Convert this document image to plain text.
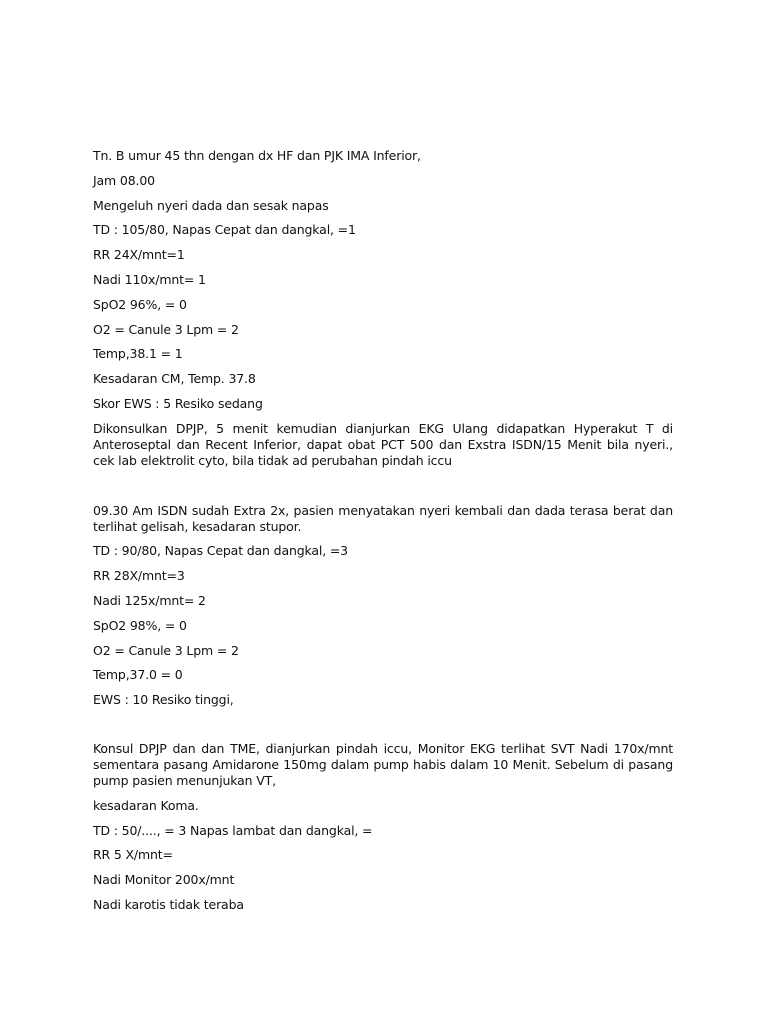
Tn. B umur 45 thn dengan dx HF dan PJK IMA Inferior,
Jam 08.00
Mengeluh nyeri dada dan sesak napas
TD : 105/80, Napas Cepat dan dangkal, =1
RR 24X/mnt=1
Nadi 110x/mnt= 1
SpO2 96%, = 0
O2 = Canule 3 Lpm = 2
Temp,38.1 = 1
Kesadaran CM, Temp. 37.8
Skor EWS : 5 Resiko sedang
Dikonsulkan DPJP, 5 menit kemudian dianjurkan EKG Ulang didapatkan Hyperakut T di Anteroseptal dan Recent Inferior, dapat obat PCT 500 dan Exstra ISDN/15 Menit bila nyeri., cek lab elektrolit cyto, bila tidak ad perubahan pindah iccu
09.30 Am ISDN sudah Extra 2x, pasien menyatakan nyeri kembali dan dada terasa berat dan terlihat gelisah, kesadaran stupor.
TD : 90/80, Napas Cepat dan dangkal, =3
RR 28X/mnt=3
Nadi 125x/mnt= 2
SpO2 98%, = 0
O2 = Canule 3 Lpm = 2
Temp,37.0 = 0
EWS : 10 Resiko tinggi,
Konsul DPJP dan dan TME, dianjurkan pindah iccu, Monitor EKG terlihat SVT Nadi 170x/mnt sementara pasang Amidarone 150mg dalam pump habis dalam 10 Menit. Sebelum di pasang pump pasien menunjukan VT,
kesadaran Koma.
TD : 50/...., = 3 Napas lambat dan dangkal, =
RR 5 X/mnt=
Nadi Monitor 200x/mnt
Nadi karotis tidak teraba
